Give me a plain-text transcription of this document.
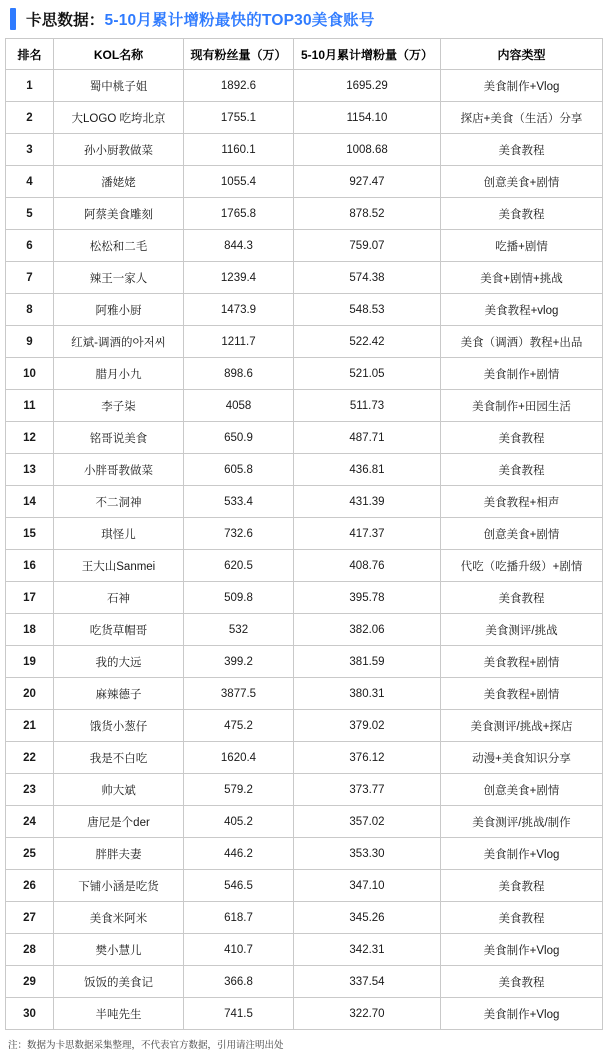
卡思数据：5-10月累计增粉最快的TOP30美食账号
排名	KOL名称	现有粉丝量（万）	5-10月累计增粉量（万）	内容类型
1	蜀中桃子姐	1892.6	1695.29	美食制作+Vlog
2	大LOGO 吃垮北京	1755.1	1154.10	探店+美食（生活）分享
3	孙小厨教做菜	1160.1	1008.68	美食教程
4	潘姥姥	1055.4	927.47	创意美食+剧情
5	阿蔡美食雕刻	1765.8	878.52	美食教程
6	松松和二毛	844.3	759.07	吃播+剧情
7	辣王一家人	1239.4	574.38	美食+剧情+挑战
8	阿雅小厨	1473.9	548.53	美食教程+vlog
9	红斌-调酒的아저씨	1211.7	522.42	美食（调酒）教程+出品
10	腊月小九	898.6	521.05	美食制作+剧情
11	李子柒	4058	511.73	美食制作+田园生活
12	铭哥说美食	650.9	487.71	美食教程
13	小胖哥教做菜	605.8	436.81	美食教程
14	不二洞神	533.4	431.39	美食教程+相声
15	琪怪儿	732.6	417.37	创意美食+剧情
16	王大山Sanmei	620.5	408.76	代吃（吃播升级）+剧情
17	石神	509.8	395.78	美食教程
18	吃货草帽哥	532	382.06	美食测评/挑战
19	我的大远	399.2	381.59	美食教程+剧情
20	麻辣德子	3877.5	380.31	美食教程+剧情
21	饿货小葱仔	475.2	379.02	美食测评/挑战+探店
22	我是不白吃	1620.4	376.12	动漫+美食知识分享
23	帅大斌	579.2	373.77	创意美食+剧情
24	唐尼是个der	405.2	357.02	美食测评/挑战/制作
25	胖胖夫妻	446.2	353.30	美食制作+Vlog
26	下铺小涵是吃货	546.5	347.10	美食教程
27	美食米阿米	618.7	345.26	美食教程
28	樊小慧儿	410.7	342.31	美食制作+Vlog
29	饭饭的美食记	366.8	337.54	美食教程
30	半吨先生	741.5	322.70	美食制作+Vlog
注：数据为卡思数据采集整理，不代表官方数据，引用请注明出处
